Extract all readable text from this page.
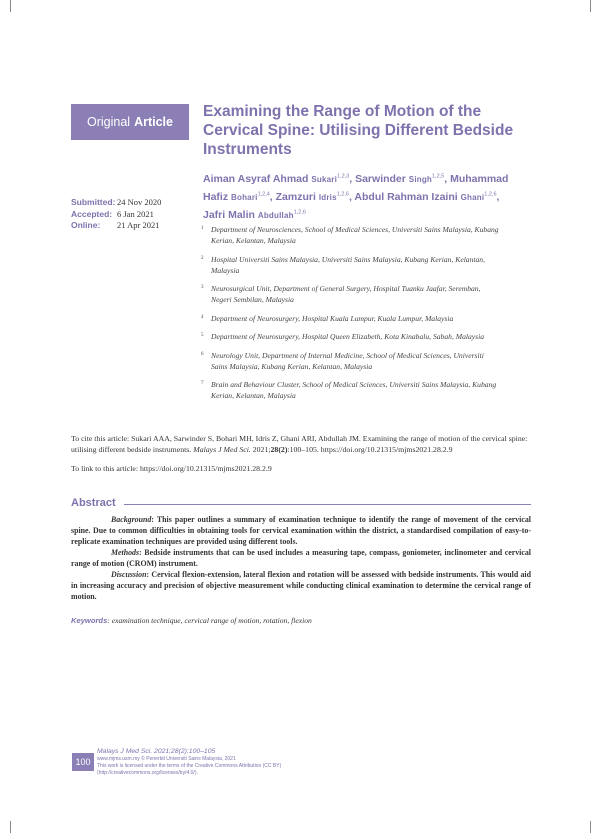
Original Article
Examining the Range of Motion of the Cervical Spine: Utilising Different Bedside Instruments
Submitted: 24 Nov 2020
Accepted: 6 Jan 2021
Online: 21 Apr 2021
Aiman Asyraf Ahmad Sukari$^{1,2,3}$, Sarwinder Singh$^{1,2,5}$, Muhammad Hafiz Bohari$^{1,2,4}$, Zamzuri Idris$^{1,2,6}$, Abdul Rahman Izaini Ghani$^{1,2,6}$, Jafri Malin Abdullah$^{1,2,6}$
1 Department of Neurosciences, School of Medical Sciences, Universiti Sains Malaysia, Kubang Kerian, Kelantan, Malaysia
2 Hospital Universiti Sains Malaysia, Universiti Sains Malaysia, Kubang Kerian, Kelantan, Malaysia
3 Neurosurgical Unit, Department of General Surgery, Hospital Tuanku Jaafar, Seremban, Negeri Sembilan, Malaysia
4 Department of Neurosurgery, Hospital Kuala Lumpur, Kuala Lumpur, Malaysia
5 Department of Neurosurgery, Hospital Queen Elizabeth, Kota Kinabalu, Sabah, Malaysia
6 Neurology Unit, Department of Internal Medicine, School of Medical Sciences, Universiti Sains Malaysia, Kubang Kerian, Kelantan, Malaysia
7 Brain and Behaviour Cluster, School of Medical Sciences, Universiti Sains Malaysia, Kubang Kerian, Kelantan, Malaysia

To cite this article: Sukari AAA, Sarwinder S, Bohari MH, Idris Z, Ghani ARI, Abdullah JM. Examining the range of motion of the cervical spine: utilising different bedside instruments. Malays J Med Sci. 2021;28(2):100–105. https://doi.org/10.21315/mjms2021.28.2.9

To link to this article: https://doi.org/10.21315/mjms2021.28.2.9

Abstract

Background: This paper outlines a summary of examination technique to identify the range of movement of the cervical spine. Due to common difficulties in obtaining tools for cervical examination within the district, a standardised compilation of easy-to-replicate examination techniques are provided using different tools.

Methods: Bedside instruments that can be used includes a measuring tape, compass, goniometer, inclinometer and cervical range of motion (CROM) instrument.

Discussion: Cervical flexion-extension, lateral flexion and rotation will be assessed with bedside instruments. This would aid in increasing accuracy and precision of objective measurement while conducting clinical examination to determine the cervical range of motion.

Keywords: examination technique, cervical range of motion, rotation, flexion
100
Malays J Med Sci. 2021;28(2):100–105
www.mjms.usm.my © Penerbit Universiti Sains Malaysia, 2021
This work is licensed under the terms of the Creative Commons Attribution (CC BY)
(http://creativecommons.org/licenses/by/4.0/).
